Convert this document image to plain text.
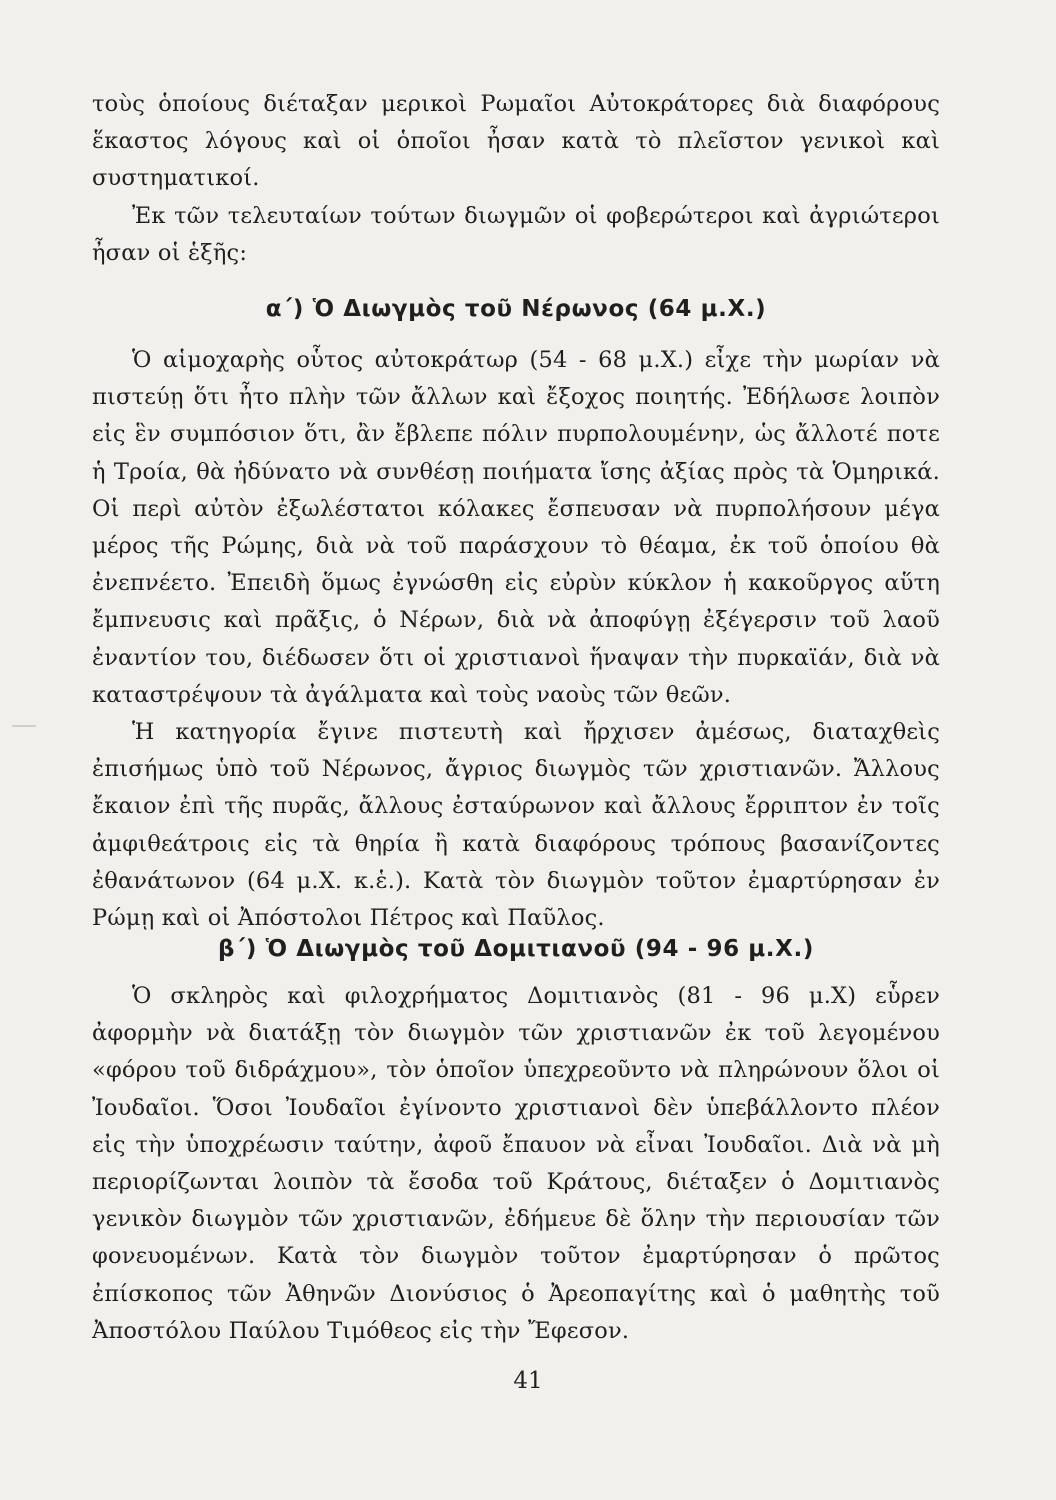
τοὺς ὁποίους διέταξαν μερικοὶ Ρωμαῖοι Αὐτοκράτορες διὰ διαφόρους ἕκαστος λόγους καὶ οἱ ὁποῖοι ἦσαν κατὰ τὸ πλεῖστον γενικοὶ καὶ συστηματικοί.

Ἐκ τῶν τελευταίων τούτων διωγμῶν οἱ φοβερώτεροι καὶ ἀγριώτεροι ἦσαν οἱ ἑξῆς:

α΄) Ὁ Διωγμὸς τοῦ Νέρωνος (64 μ.Χ.)

Ὁ αἱμοχαρὴς οὗτος αὐτοκράτωρ (54 - 68 μ.Χ.) εἶχε τὴν μωρίαν νὰ πιστεύῃ ὅτι ἦτο πλὴν τῶν ἄλλων καὶ ἔξοχος ποιητής. Ἐδήλωσε λοιπὸν εἰς ἓν συμπόσιον ὅτι, ἂν ἔβλεπε πόλιν πυρπολουμένην, ὡς ἄλλοτέ ποτε ἡ Τροία, θὰ ἠδύνατο νὰ συνθέσῃ ποιήματα ἴσης ἀξίας πρὸς τὰ Ὁμηρικά. Οἱ περὶ αὐτὸν ἐξωλέστατοι κόλακες ἔσπευσαν νὰ πυρπολήσουν μέγα μέρος τῆς Ρώμης, διὰ νὰ τοῦ παράσχουν τὸ θέαμα, ἐκ τοῦ ὁποίου θὰ ἐνεπνέετο. Ἐπειδὴ ὅμως ἐγνώσθη εἰς εὐρὺν κύκλον ἡ κακοῦργος αὕτη ἔμπνευσις καὶ πρᾶξις, ὁ Νέρων, διὰ νὰ ἀποφύγῃ ἐξέγερσιν τοῦ λαοῦ ἐναντίον του, διέδωσεν ὅτι οἱ χριστιανοὶ ἥναψαν τὴν πυρκαϊάν, διὰ νὰ καταστρέψουν τὰ ἀγάλματα καὶ τοὺς ναοὺς τῶν θεῶν.

Ἡ κατηγορία ἔγινε πιστευτὴ καὶ ἤρχισεν ἀμέσως, διαταχθεὶς ἐπισήμως ὑπὸ τοῦ Νέρωνος, ἄγριος διωγμὸς τῶν χριστιανῶν. Ἄλλους ἔκαιον ἐπὶ τῆς πυρᾶς, ἄλλους ἐσταύρωνον καὶ ἄλλους ἔρριπτον ἐν τοῖς ἀμφιθεάτροις εἰς τὰ θηρία ἢ κατὰ διαφόρους τρόπους βασανίζοντες ἐθανάτωνον (64 μ.Χ. κ.ἑ.). Κατὰ τὸν διωγμὸν τοῦτον ἐμαρτύρησαν ἐν Ρώμῃ καὶ οἱ Ἀπόστολοι Πέτρος καὶ Παῦλος.

β΄) Ὁ Διωγμὸς τοῦ Δομιτιανοῦ (94 - 96 μ.Χ.)

Ὁ σκληρὸς καὶ φιλοχρήματος Δομιτιανὸς (81 - 96 μ.Χ) εὗρεν ἀφορμὴν νὰ διατάξῃ τὸν διωγμὸν τῶν χριστιανῶν ἐκ τοῦ λεγομένου «φόρου τοῦ διδράχμου», τὸν ὁποῖον ὑπεχρεοῦντο νὰ πληρώνουν ὅλοι οἱ Ἰουδαῖοι. Ὅσοι Ἰουδαῖοι ἐγίνοντο χριστιανοὶ δὲν ὑπεβάλλοντο πλέον εἰς τὴν ὑποχρέωσιν ταύτην, ἀφοῦ ἔπαυον νὰ εἶναι Ἰουδαῖοι. Διὰ νὰ μὴ περιορίζωνται λοιπὸν τὰ ἔσοδα τοῦ Κράτους, διέταξεν ὁ Δομιτιανὸς γενικὸν διωγμὸν τῶν χριστιανῶν, ἐδήμευε δὲ ὅλην τὴν περιουσίαν τῶν φονευομένων. Κατὰ τὸν διωγμὸν τοῦτον ἐμαρτύρησαν ὁ πρῶτος ἐπίσκοπος τῶν Ἀθηνῶν Διονύσιος ὁ Ἀρεοπαγίτης καὶ ὁ μαθητὴς τοῦ Ἀποστόλου Παύλου Τιμόθεος εἰς τὴν Ἔφεσον.

41
